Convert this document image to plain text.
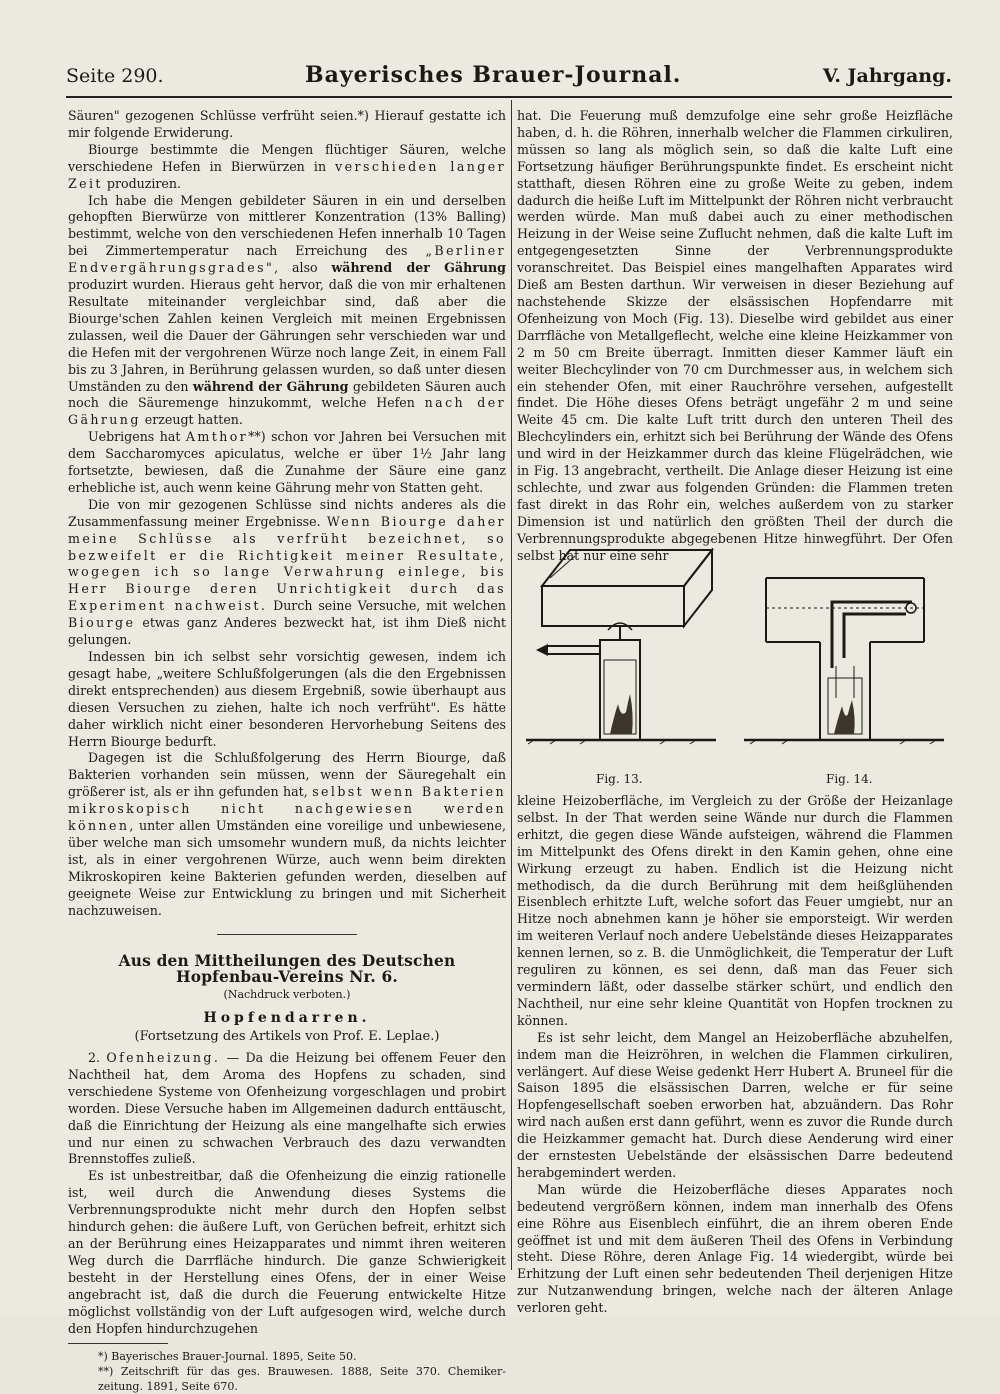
Seite 290.	Bayerisches Brauer-Journal.	V. Jahrgang.

Säuren" gezogenen Schlüsse verfrüht seien.*) Hierauf gestatte ich mir folgende Erwiderung.

Biourge bestimmte die Mengen flüchtiger Säuren, welche verschiedene Hefen in Bierwürzen in verschieden langer Zeit produziren.

Ich habe die Mengen gebildeter Säuren in ein und derselben gehopften Bierwürze von mittlerer Konzentration (13% Balling) bestimmt, welche von den verschiedenen Hefen innerhalb 10 Tagen bei Zimmertemperatur nach Erreichung des „Berliner Endvergährungsgrades", also während der Gährung produzirt wurden. Hieraus geht hervor, daß die von mir erhaltenen Resultate miteinander vergleichbar sind, daß aber die Biourge'schen Zahlen keinen Vergleich mit meinen Ergebnissen zulassen, weil die Dauer der Gährungen sehr verschieden war und die Hefen mit der vergohrenen Würze noch lange Zeit, in einem Fall bis zu 3 Jahren, in Berührung gelassen wurden, so daß unter diesen Umständen zu den während der Gährung gebildeten Säuren auch noch die Säuremenge hinzukommt, welche Hefen nach der Gährung erzeugt hatten.

Uebrigens hat Amthor**) schon vor Jahren bei Versuchen mit dem Saccharomyces apiculatus, welche er über 1½ Jahr lang fortsetzte, bewiesen, daß die Zunahme der Säure eine ganz erhebliche ist, auch wenn keine Gährung mehr von Statten geht.

Die von mir gezogenen Schlüsse sind nichts anderes als die Zusammenfassung meiner Ergebnisse. Wenn Biourge daher meine Schlüsse als verfrüht bezeichnet, so bezweifelt er die Richtigkeit meiner Resultate, wogegen ich so lange Verwahrung einlege, bis Herr Biourge deren Unrichtigkeit durch das Experiment nachweist. Durch seine Versuche, mit welchen Biourge etwas ganz Anderes bezweckt hat, ist ihm Dieß nicht gelungen.

Indessen bin ich selbst sehr vorsichtig gewesen, indem ich gesagt habe, „weitere Schlußfolgerungen (als die den Ergebnissen direkt entsprechenden) aus diesem Ergebniß, sowie überhaupt aus diesen Versuchen zu ziehen, halte ich noch verfrüht". Es hätte daher wirklich nicht einer besonderen Hervorhebung Seitens des Herrn Biourge bedurft.

Dagegen ist die Schlußfolgerung des Herrn Biourge, daß Bakterien vorhanden sein müssen, wenn der Säuregehalt ein größerer ist, als er ihn gefunden hat, selbst wenn Bakterien mikroskopisch nicht nachgewiesen werden können, unter allen Umständen eine voreilige und unbewiesene, über welche man sich umsomehr wundern muß, da nichts leichter ist, als in einer vergohrenen Würze, auch wenn beim direkten Mikroskopiren keine Bakterien gefunden werden, dieselben auf geeignete Weise zur Entwicklung zu bringen und mit Sicherheit nachzuweisen.

Aus den Mittheilungen des Deutschen Hopfenbau-Vereins Nr. 6.
(Nachdruck verboten.)
Hopfendarren.
(Fortsetzung des Artikels von Prof. E. Leplae.)

2. Ofenheizung. — Da die Heizung bei offenem Feuer den Nachtheil hat, dem Aroma des Hopfens zu schaden, sind verschiedene Systeme von Ofenheizung vorgeschlagen und probirt worden. Diese Versuche haben im Allgemeinen dadurch enttäuscht, daß die Einrichtung der Heizung als eine mangelhafte sich erwies und nur einen zu schwachen Verbrauch des dazu verwandten Brennstoffes zuließ.

Es ist unbestreitbar, daß die Ofenheizung die einzig rationelle ist, weil durch die Anwendung dieses Systems die Verbrennungsprodukte nicht mehr durch den Hopfen selbst hindurch gehen: die äußere Luft, von Gerüchen befreit, erhitzt sich an der Berührung eines Heizapparates und nimmt ihren weiteren Weg durch die Darrfläche hindurch. Die ganze Schwierigkeit besteht in der Herstellung eines Ofens, der in einer Weise angebracht ist, daß die durch die Feuerung entwickelte Hitze möglichst vollständig von der Luft aufgesogen wird, welche durch den Hopfen hindurchzugehen

*) Bayerisches Brauer-Journal. 1895, Seite 50.

**) Zeitschrift für das ges. Brauwesen. 1888, Seite 370. Chemiker-zeitung. 1891, Seite 670.

hat. Die Feuerung muß demzufolge eine sehr große Heizfläche haben, d. h. die Röhren, innerhalb welcher die Flammen cirkuliren, müssen so lang als möglich sein, so daß die kalte Luft eine Fortsetzung häufiger Berührungspunkte findet. Es erscheint nicht statthaft, diesen Röhren eine zu große Weite zu geben, indem dadurch die heiße Luft im Mittelpunkt der Röhren nicht verbraucht werden würde. Man muß dabei auch zu einer methodischen Heizung in der Weise seine Zuflucht nehmen, daß die kalte Luft im entgegengesetzten Sinne der Verbrennungsprodukte voranschreitet. Das Beispiel eines mangelhaften Apparates wird Dieß am Besten darthun. Wir verweisen in dieser Beziehung auf nachstehende Skizze der elsässischen Hopfendarre mit Ofenheizung von Moch (Fig. 13). Dieselbe wird gebildet aus einer Darrfläche von Metallgeflecht, welche eine kleine Heizkammer von 2 m 50 cm Breite überragt. Inmitten dieser Kammer läuft ein weiter Blechcylinder von 70 cm Durchmesser aus, in welchem sich ein stehender Ofen, mit einer Rauchröhre versehen, aufgestellt findet. Die Höhe dieses Ofens beträgt ungefähr 2 m und seine Weite 45 cm. Die kalte Luft tritt durch den unteren Theil des Blechcylinders ein, erhitzt sich bei Berührung der Wände des Ofens und wird in der Heizkammer durch das kleine Flügelrädchen, wie in Fig. 13 angebracht, vertheilt. Die Anlage dieser Heizung ist eine schlechte, und zwar aus folgenden Gründen: die Flammen treten fast direkt in das Rohr ein, welches außerdem von zu starker Dimension ist und natürlich den größten Theil der durch die Verbrennungsprodukte abgegebenen Hitze hinwegführt. Der Ofen selbst hat nur eine sehr

Fig. 13.	Fig. 14.

kleine Heizoberfläche, im Vergleich zu der Größe der Heizanlage selbst. In der That werden seine Wände nur durch die Flammen erhitzt, die gegen diese Wände aufsteigen, während die Flammen im Mittelpunkt des Ofens direkt in den Kamin gehen, ohne eine Wirkung erzeugt zu haben. Endlich ist die Heizung nicht methodisch, da die durch Berührung mit dem heißglühenden Eisenblech erhitzte Luft, welche sofort das Feuer umgiebt, nur an Hitze noch abnehmen kann je höher sie emporsteigt. Wir werden im weiteren Verlauf noch andere Uebelstände dieses Heizapparates kennen lernen, so z. B. die Unmöglichkeit, die Temperatur der Luft reguliren zu können, es sei denn, daß man das Feuer sich vermindern läßt, oder dasselbe stärker schürt, und endlich den Nachtheil, nur eine sehr kleine Quantität von Hopfen trocknen zu können.

Es ist sehr leicht, dem Mangel an Heizoberfläche abzuhelfen, indem man die Heizröhren, in welchen die Flammen cirkuliren, verlängert. Auf diese Weise gedenkt Herr Hubert A. Bruneel für die Saison 1895 die elsässischen Darren, welche er für seine Hopfengesellschaft soeben erworben hat, abzuändern. Das Rohr wird nach außen erst dann geführt, wenn es zuvor die Runde durch die Heizkammer gemacht hat. Durch diese Aenderung wird einer der ernstesten Uebelstände der elsässischen Darre bedeutend herabgemindert werden.

Man würde die Heizoberfläche dieses Apparates noch bedeutend vergrößern können, indem man innerhalb des Ofens eine Röhre aus Eisenblech einführt, die an ihrem oberen Ende geöffnet ist und mit dem äußeren Theil des Ofens in Verbindung steht. Diese Röhre, deren Anlage Fig. 14 wiedergibt, würde bei Erhitzung der Luft einen sehr bedeutenden Theil derjenigen Hitze zur Nutzanwendung bringen, welche nach der älteren Anlage verloren geht.
